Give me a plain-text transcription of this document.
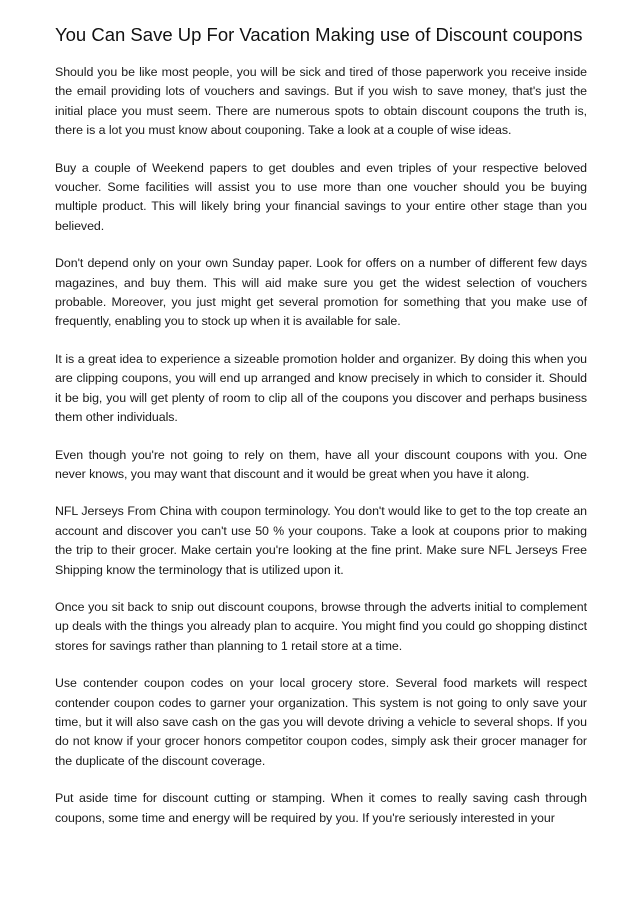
You Can Save Up For Vacation Making use of Discount coupons

Should you be like most people, you will be sick and tired of those paperwork you receive inside the email providing lots of vouchers and savings. But if you wish to save money, that's just the initial place you must seem. There are numerous spots to obtain discount coupons the truth is, there is a lot you must know about couponing. Take a look at a couple of wise ideas.

Buy a couple of Weekend papers to get doubles and even triples of your respective beloved voucher. Some facilities will assist you to use more than one voucher should you be buying multiple product. This will likely bring your financial savings to your entire other stage than you believed.

Don't depend only on your own Sunday paper. Look for offers on a number of different few days magazines, and buy them. This will aid make sure you get the widest selection of vouchers probable. Moreover, you just might get several promotion for something that you make use of frequently, enabling you to stock up when it is available for sale.

It is a great idea to experience a sizeable promotion holder and organizer. By doing this when you are clipping coupons, you will end up arranged and know precisely in which to consider it. Should it be big, you will get plenty of room to clip all of the coupons you discover and perhaps business them other individuals.

Even though you're not going to rely on them, have all your discount coupons with you. One never knows, you may want that discount and it would be great when you have it along.

NFL Jerseys From China with coupon terminology. You don't would like to get to the top create an account and discover you can't use 50 % your coupons. Take a look at coupons prior to making the trip to their grocer. Make certain you're looking at the fine print. Make sure NFL Jerseys Free Shipping know the terminology that is utilized upon it.

Once you sit back to snip out discount coupons, browse through the adverts initial to complement up deals with the things you already plan to acquire. You might find you could go shopping distinct stores for savings rather than planning to 1 retail store at a time.

Use contender coupon codes on your local grocery store. Several food markets will respect contender coupon codes to garner your organization. This system is not going to only save your time, but it will also save cash on the gas you will devote driving a vehicle to several shops. If you do not know if your grocer honors competitor coupon codes, simply ask their grocer manager for the duplicate of the discount coverage.

Put aside time for discount cutting or stamping. When it comes to really saving cash through coupons, some time and energy will be required by you. If you're seriously interested in your
